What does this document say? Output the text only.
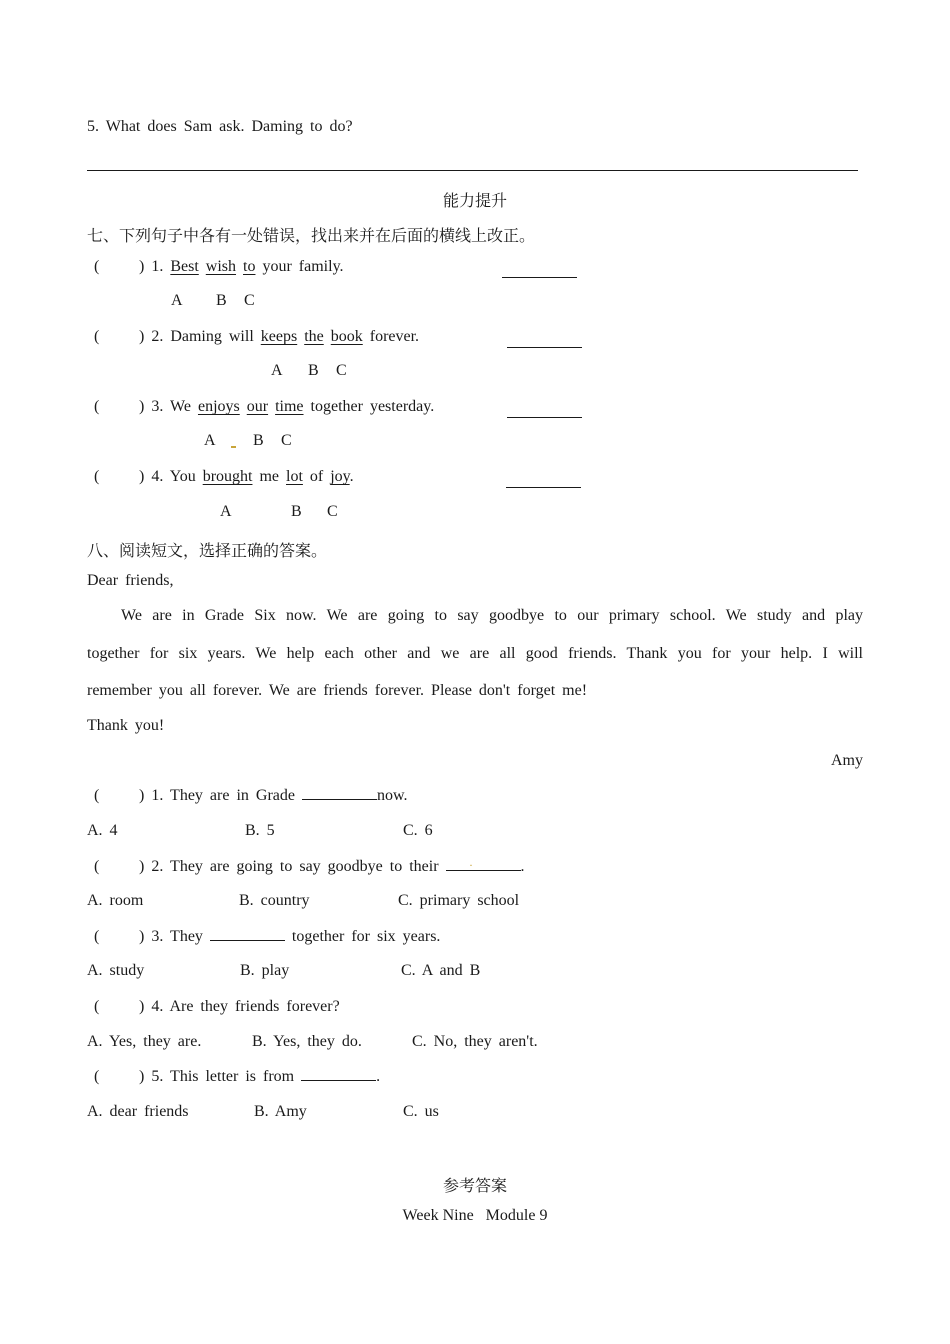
5. What does Sam ask. Daming to do?
能力提升
七、下列句子中各有一处错误，找出来并在后面的横线上改正。
( ) 1. Best wish to your family.
A B C
( ) 2. Daming will keeps the book forever.
A B C
( ) 3. We enjoys our time together yesterday.
A B C
( ) 4. You brought me lot of joy.
A	B C
八、阅读短文，选择正确的答案。
Dear friends,
We are in Grade Six now. We are going to say goodbye to our primary school. We study and play
together for six years. We help each other and we are all good friends. Thank you for your help. I will
remember you all forever. We are friends forever. Please don't forget me!
Thank you!
Amy
( ) 1. They are in Grade	now.
A. 4	B. 5	C. 6
( ) 2. They are going to say goodbye to their	.	.
A. room	B. country	C. primary school
( ) 3. They	together for six years.
A. study	B. play	C. A and B
( ) 4. Are they friends forever?
A. Yes, they are.	B. Yes, they do.	C. No, they aren't.
( ) 5. This letter is from	.
A. dear friends	B. Amy	C. us
参考答案
Week Nine   Module 9
